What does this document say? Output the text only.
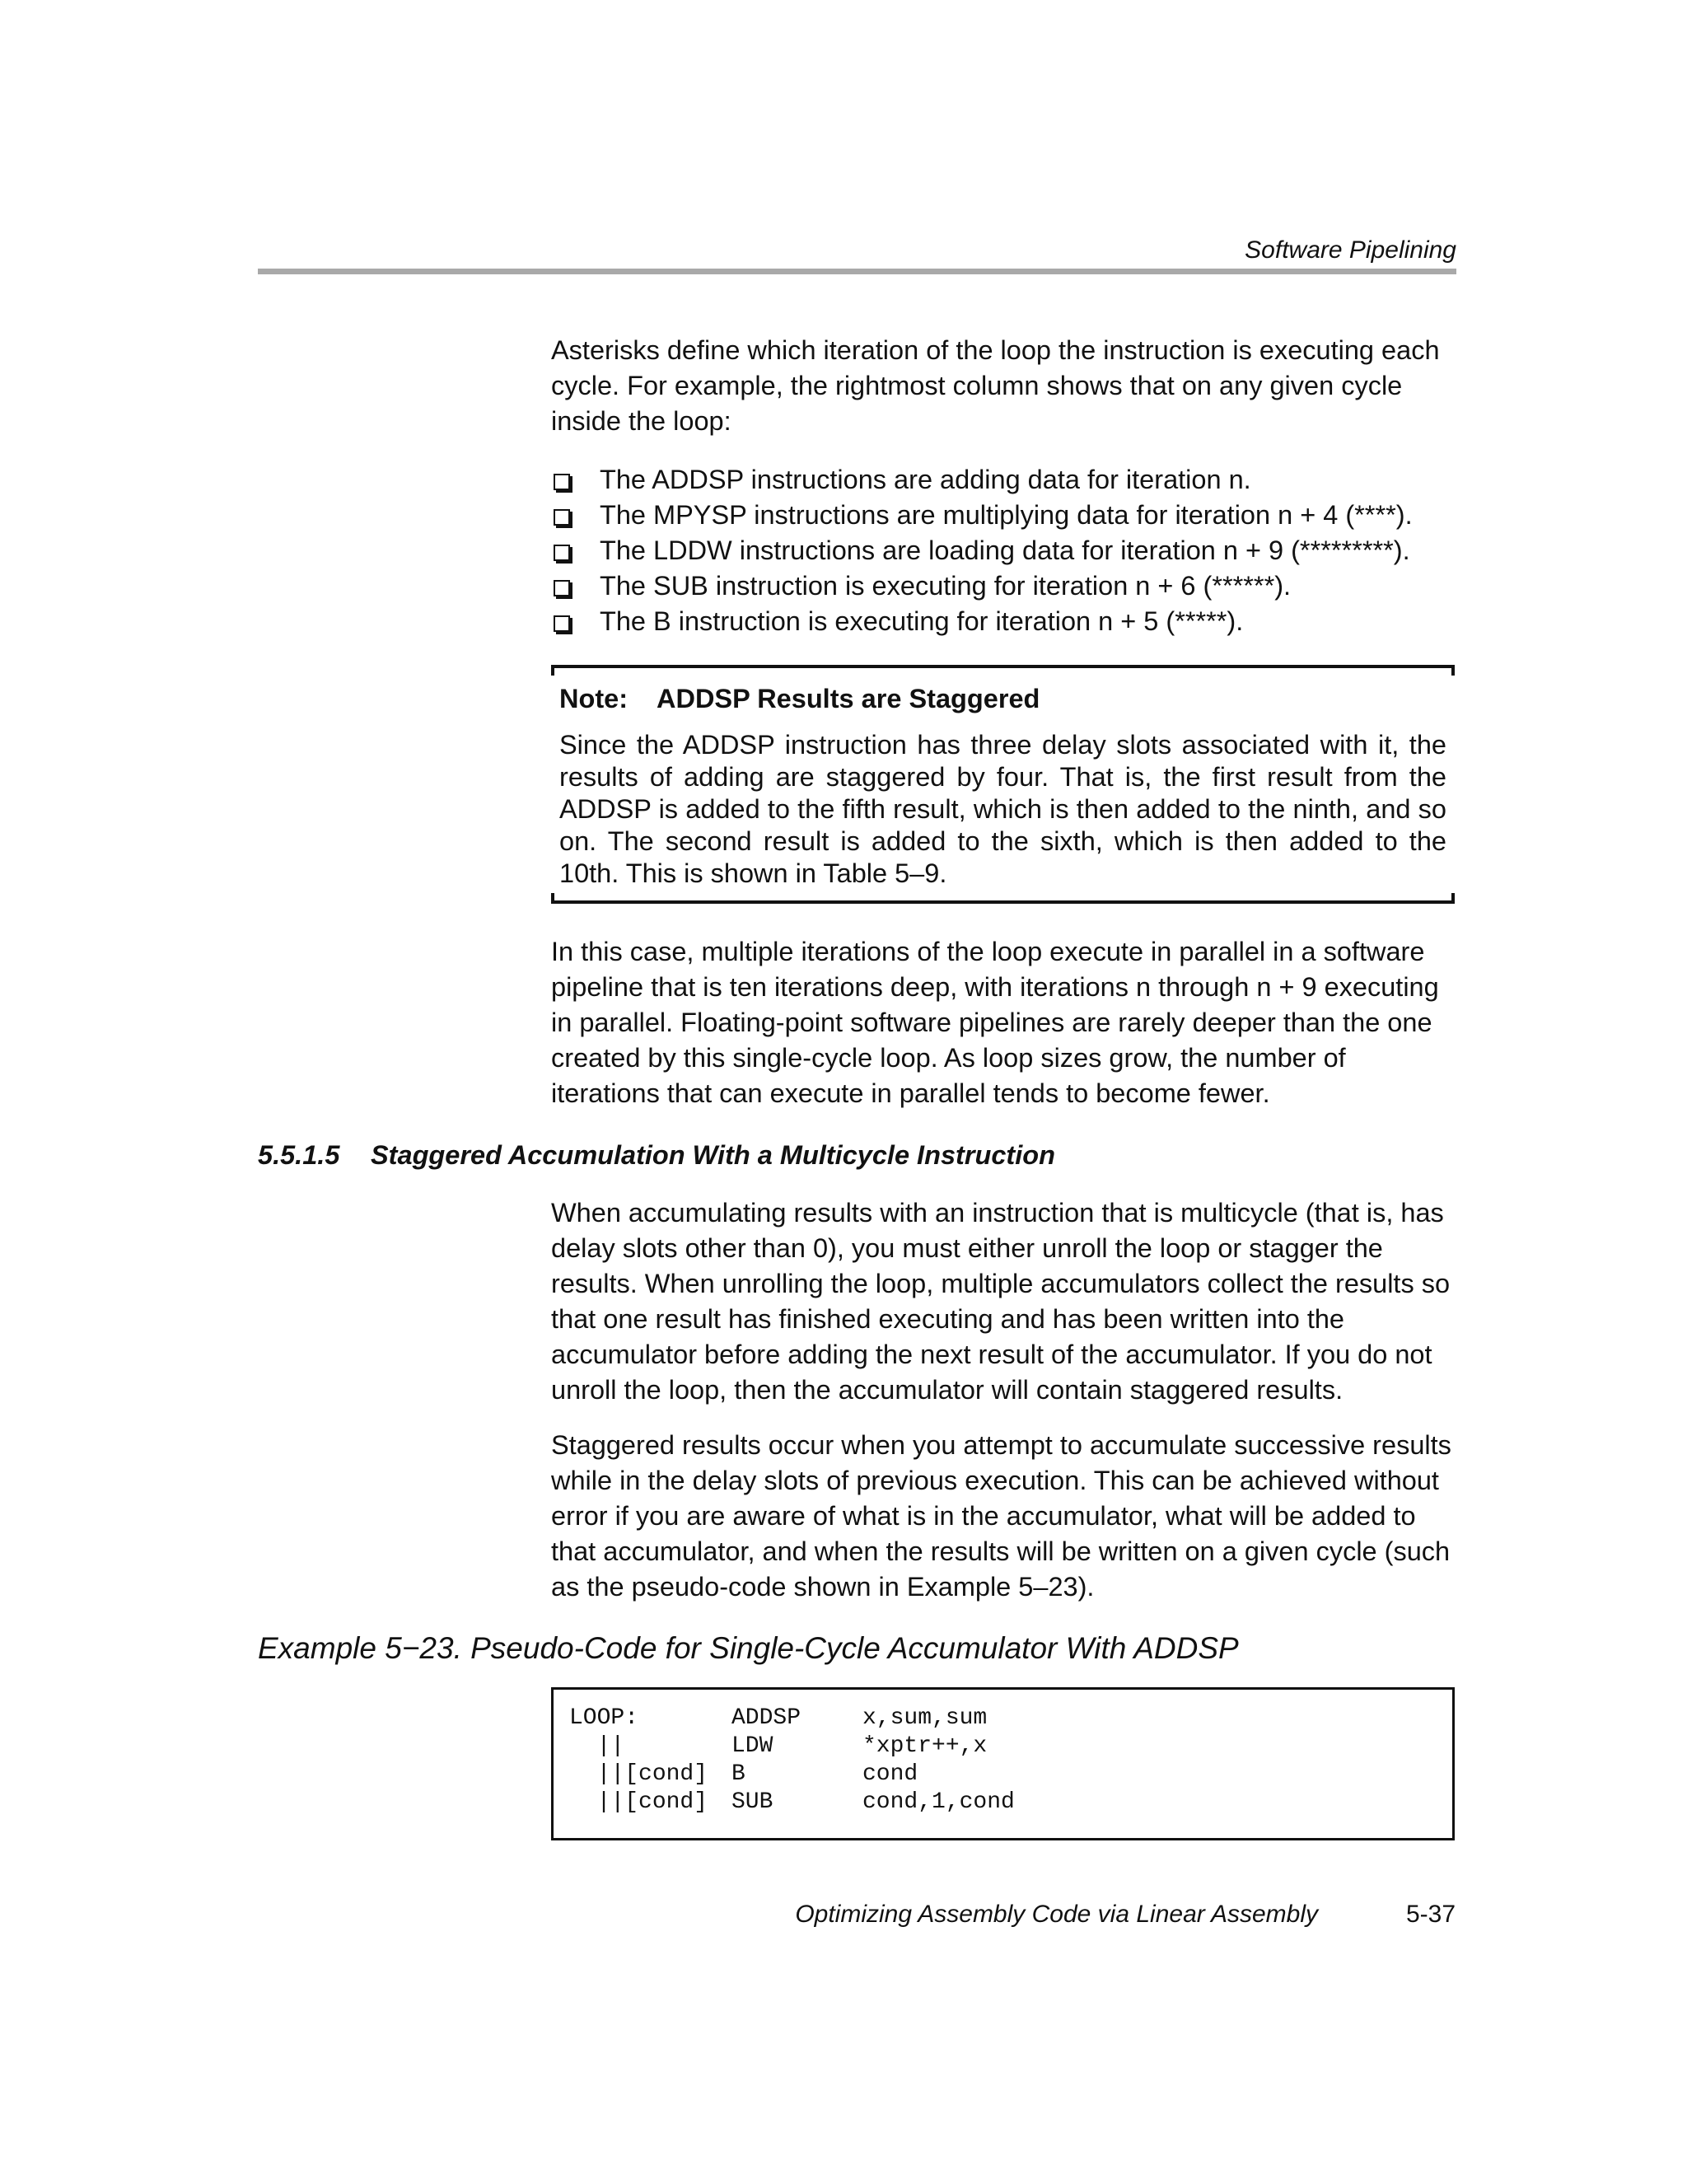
Software Pipelining

Asterisks define which iteration of the loop the instruction is executing each cycle. For example, the rightmost column shows that on any given cycle inside the loop:

The ADDSP instructions are adding data for iteration n.
The MPYSP instructions are multiplying data for iteration n + 4 (****).
The LDDW instructions are loading data for iteration n + 9 (*********).
The SUB instruction is executing for iteration n + 6 (******).
The B instruction is executing for iteration n + 5 (*****).

Note: ADDSP Results are Staggered

Since the ADDSP instruction has three delay slots associated with it, the results of adding are staggered by four. That is, the first result from the ADDSP is added to the fifth result, which is then added to the ninth, and so on. The second result is added to the sixth, which is then added to the 10th. This is shown in Table 5–9.

In this case, multiple iterations of the loop execute in parallel in a software pipeline that is ten iterations deep, with iterations n through n + 9 executing in parallel. Floating-point software pipelines are rarely deeper than the one created by this single-cycle loop. As loop sizes grow, the number of iterations that can execute in parallel tends to become fewer.

5.5.1.5 Staggered Accumulation With a Multicycle Instruction

When accumulating results with an instruction that is multicycle (that is, has delay slots other than 0), you must either unroll the loop or stagger the results. When unrolling the loop, multiple accumulators collect the results so that one result has finished executing and has been written into the accumulator before adding the next result of the accumulator. If you do not unroll the loop, then the accumulator will contain staggered results.

Staggered results occur when you attempt to accumulate successive results while in the delay slots of previous execution. This can be achieved without error if you are aware of what is in the accumulator, what will be added to that accumulator, and when the results will be written on a given cycle (such as the pseudo-code shown in Example 5–23).

Example 5−23. Pseudo-Code for Single-Cycle Accumulator With ADDSP
LOOP:	ADDSP	x,sum,sum
||	LDW	*xptr++,x
||[cond]	B	cond
||[cond]	SUB	cond,1,cond

Optimizing Assembly Code via Linear Assembly	5-37
